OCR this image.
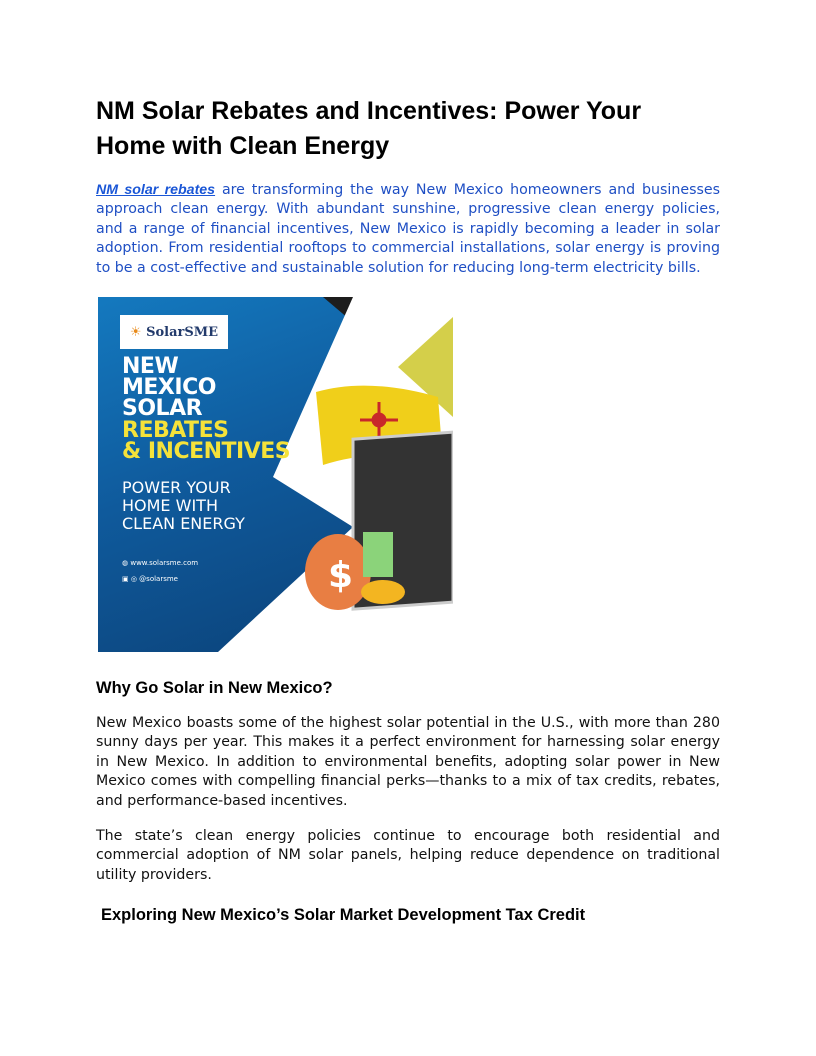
NM Solar Rebates and Incentives: Power Your Home with Clean Energy

NM solar rebates are transforming the way New Mexico homeowners and businesses approach clean energy. With abundant sunshine, progressive clean energy policies, and a range of financial incentives, New Mexico is rapidly becoming a leader in solar adoption. From residential rooftops to commercial installations, solar energy is proving to be a cost-effective and sustainable solution for reducing long-term electricity bills.

$
☀
SolarSME
NEW
MEXICO
SOLAR
REBATES
& INCENTIVES
POWER YOUR
HOME WITH
CLEAN ENERGY
◍ www.solarsme.com
▣ ◎ @solarsme
Why Go Solar in New Mexico?

New Mexico boasts some of the highest solar potential in the U.S., with more than 280 sunny days per year. This makes it a perfect environment for harnessing solar energy in New Mexico. In addition to environmental benefits, adopting solar power in New Mexico comes with compelling financial perks—thanks to a mix of tax credits, rebates, and performance-based incentives.

The state’s clean energy policies continue to encourage both residential and commercial adoption of NM solar panels, helping reduce dependence on traditional utility providers.

Exploring New Mexico’s Solar Market Development Tax Credit
